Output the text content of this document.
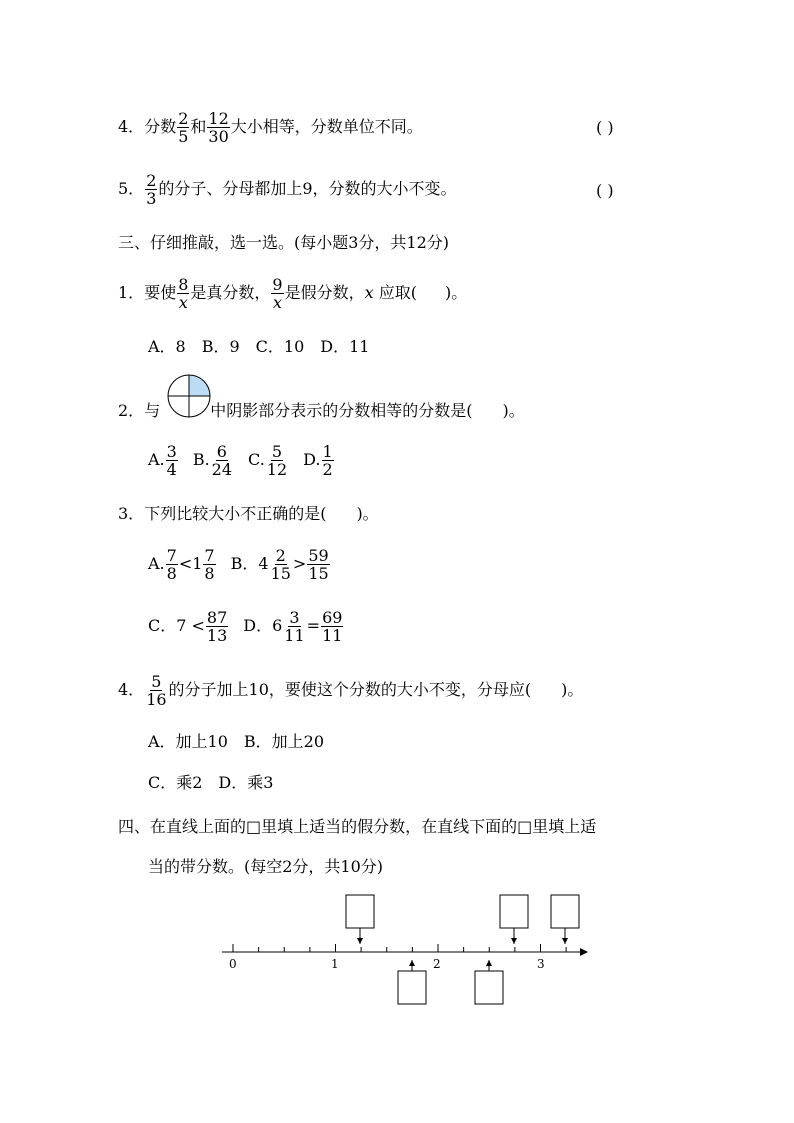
4．分数 $\frac{2}{5}$ 和 $\frac{12}{30}$ 大小相等，分数单位不同。	( )
5． $\frac{2}{3}$ 的分子、分母都加上9，分数的大小不变。	( )
三、仔细推敲，选一选。(每小题3分，共12分)
1．要使 $\frac{8}{x}$ 是真分数， $\frac{9}{x}$ 是假分数，x 应取( )。
A．8　B．9　C．10　D．11
2．与	中阴影部分表示的分数相等的分数是( )。
A. $\frac{3}{4} B$. $\frac{6}{24} C$. $\frac{5}{12} D$. $\frac{1}{2}$
3．下列比较大小不正确的是( )。
A. $\frac{7}{8} <1 \frac{7}{8}$ B．$4 \frac{2}{15} > \frac{59}{15}$
C．$7 < \frac{87}{13}$ D．$6 \frac{3}{11} = \frac{69}{11}$
4． $\frac{5}{16}$ 的分子加上10，要使这个分数的大小不变，分母应( )。
A．加上10　B．加上20
C．乘2　D．乘3
四、在直线上面的□里填上适当的假分数，在直线下面的□里填上适
当的带分数。(每空2分，共10分)
0	1	2	3
